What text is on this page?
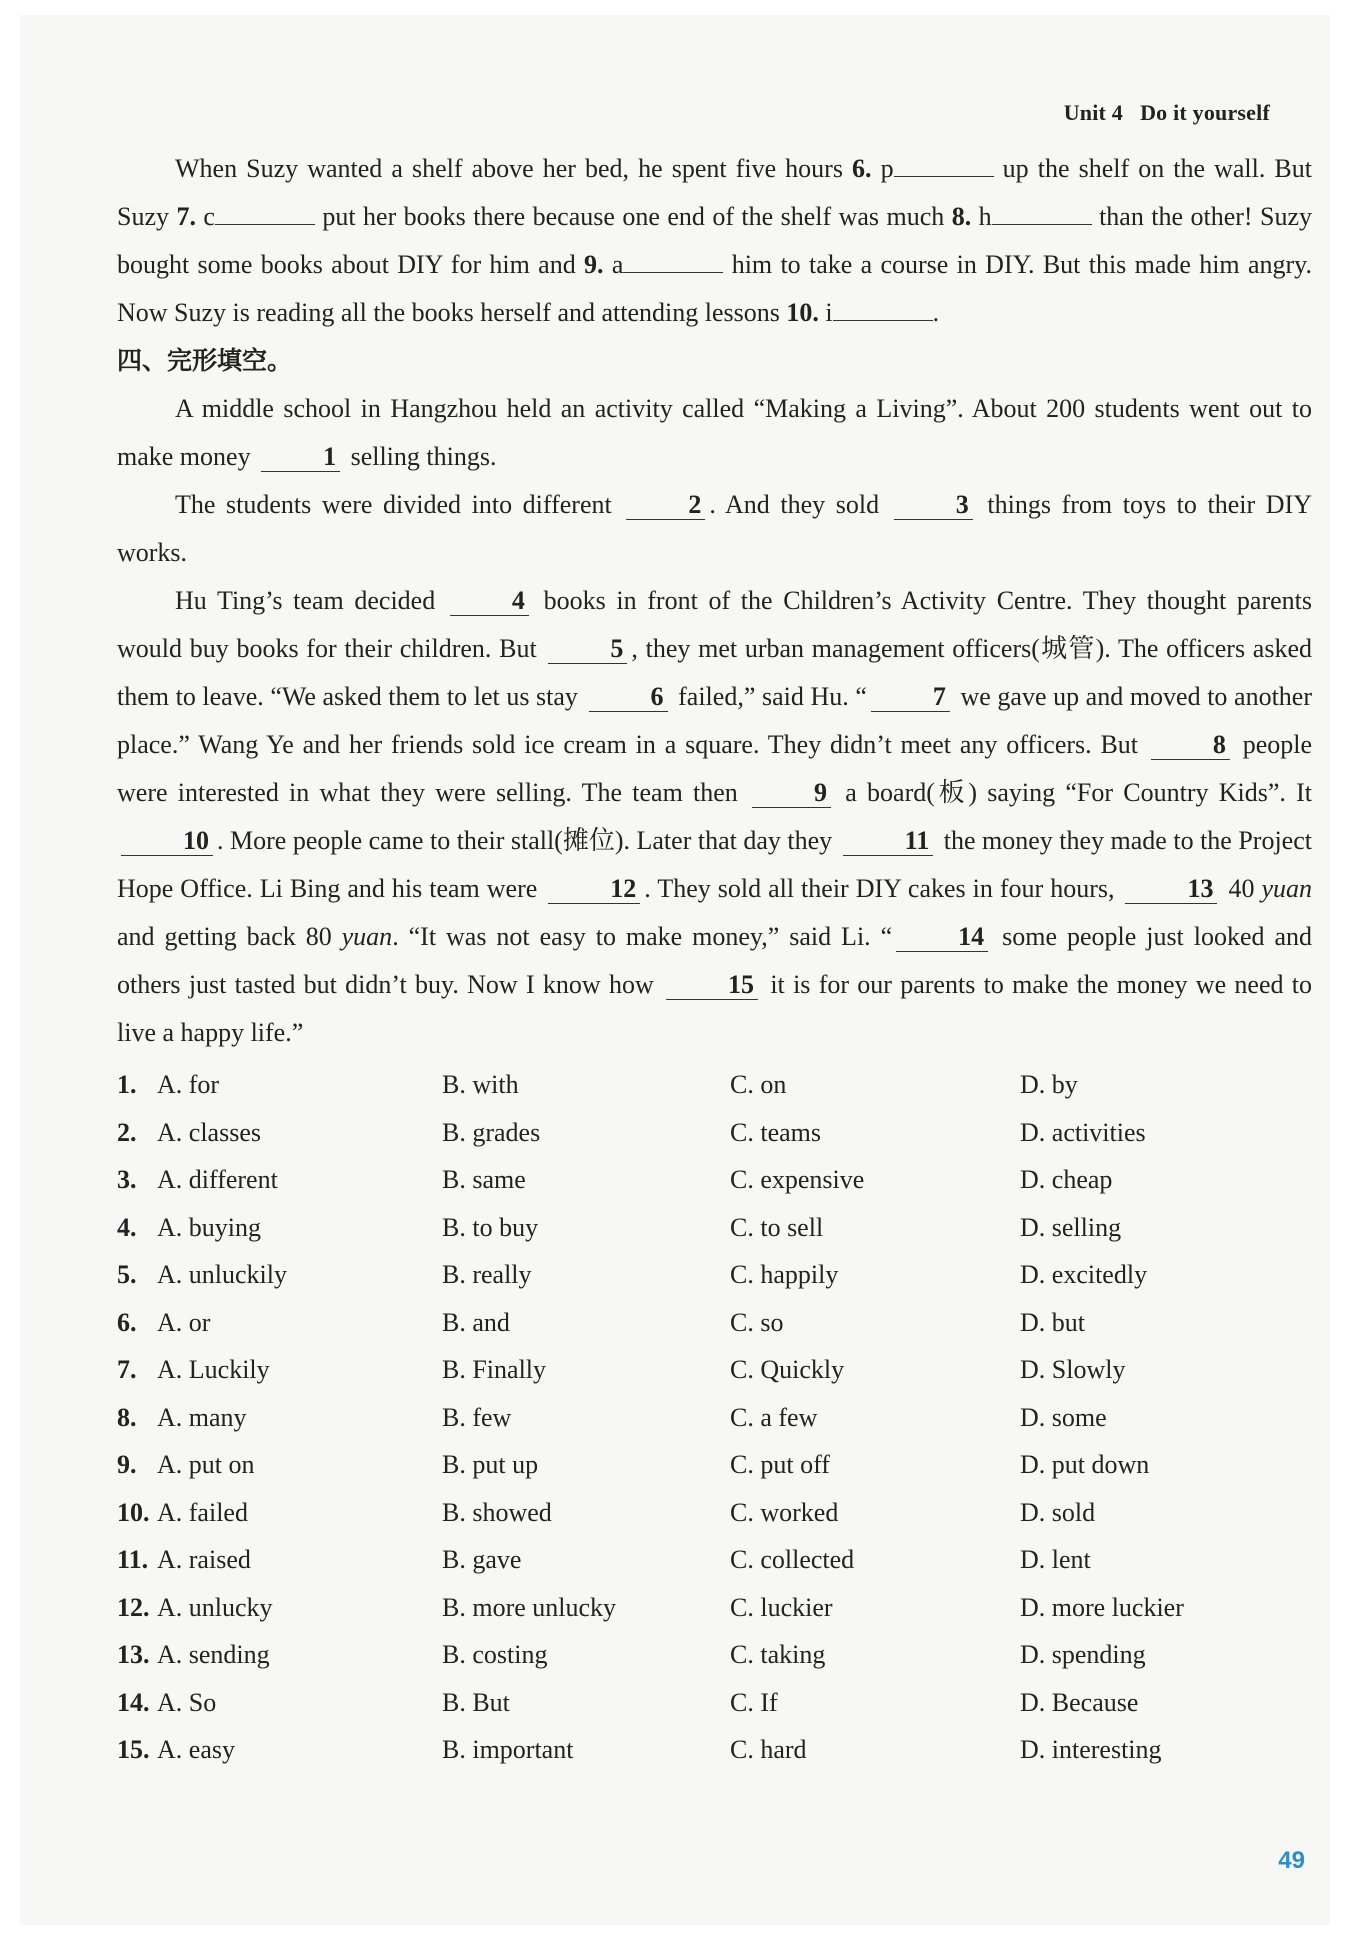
Unit 4 Do it yourself

When Suzy wanted a shelf above her bed, he spent five hours 6. p	up the shelf on the wall. But Suzy 7. c	put her books there because one end of the shelf was much 8. h	than the other! Suzy bought some books about DIY for him and 9. a	him to take a course in DIY. But this made him angry. Now Suzy is reading all the books herself and attending lessons 10. i	.

四、完形填空。

A middle school in Hangzhou held an activity called “Making a Living”. About 200 students went out to make money	1 selling things.

The students were divided into different	2 . And they sold	3 things from toys to their DIY works.

Hu Ting’s team decided	4 books in front of the Children’s Activity Centre. They thought parents would buy books for their children. But	5 , they met urban management officers(城管). The officers asked them to leave. “We asked them to let us stay	6 failed,” said Hu. “	7 we gave up and moved to another place.” Wang Ye and her friends sold ice cream in a square. They didn’t meet any officers. But	8 people were interested in what they were selling. The team then	9 a board(板) saying “For Country Kids”. It 10 . More people came to their stall(摊位). Later that day they	11 the money they made to the Project Hope Office. Li Bing and his team were	12 . They sold all their DIY cakes in four hours,	13 40 yuan and getting back 80 yuan. “It was not easy to make money,” said Li. “	14 some people just looked and others just tasted but didn’t buy. Now I know how	15 it is for our parents to make the money we need to live a happy life.”

1. A. for	B. with	C. on	D. by
2. A. classes	B. grades	C. teams	D. activities
3. A. different	B. same	C. expensive	D. cheap
4. A. buying	B. to buy	C. to sell	D. selling
5. A. unluckily	B. really	C. happily	D. excitedly
6. A. or	B. and	C. so	D. but
7. A. Luckily	B. Finally	C. Quickly	D. Slowly
8. A. many	B. few	C. a few	D. some
9. A. put on	B. put up	C. put off	D. put down
10. A. failed	B. showed	C. worked	D. sold
11. A. raised	B. gave	C. collected	D. lent
12. A. unlucky	B. more unlucky	C. luckier	D. more luckier
13. A. sending	B. costing	C. taking	D. spending
14. A. So	B. But	C. If	D. Because
15. A. easy	B. important	C. hard	D. interesting
49
